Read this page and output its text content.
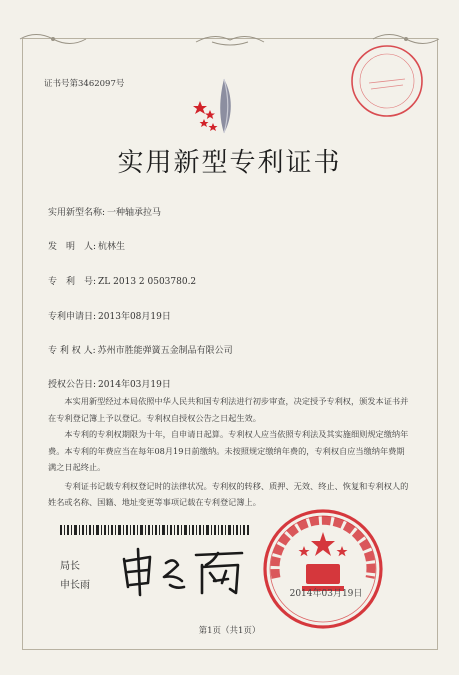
证书号第3462097号
实用新型专利证书
实用新型名称: 一种轴承拉马
发　明　人: 杭林生
专　利　号: ZL 2013 2 0503780.2
专利申请日: 2013年08月19日
专 利 权 人: 苏州市胜能弹簧五金制品有限公司
授权公告日: 2014年03月19日

本实用新型经过本局依照中华人民共和国专利法进行初步审查，决定授予专利权，颁发本证书并在专利登记簿上予以登记。专利权自授权公告之日起生效。

本专利的专利权期限为十年，自申请日起算。专利权人应当依照专利法及其实施细则规定缴纳年费。本专利的年费应当在每年08月19日前缴纳。未按照规定缴纳年费的，专利权自应当缴纳年费期满之日起终止。

专利证书记载专利权登记时的法律状况。专利权的转移、质押、无效、终止、恢复和专利权人的姓名或名称、国籍、地址变更等事项记载在专利登记簿上。

局长
申长雨
2014年03月19日
第1页（共1页）
